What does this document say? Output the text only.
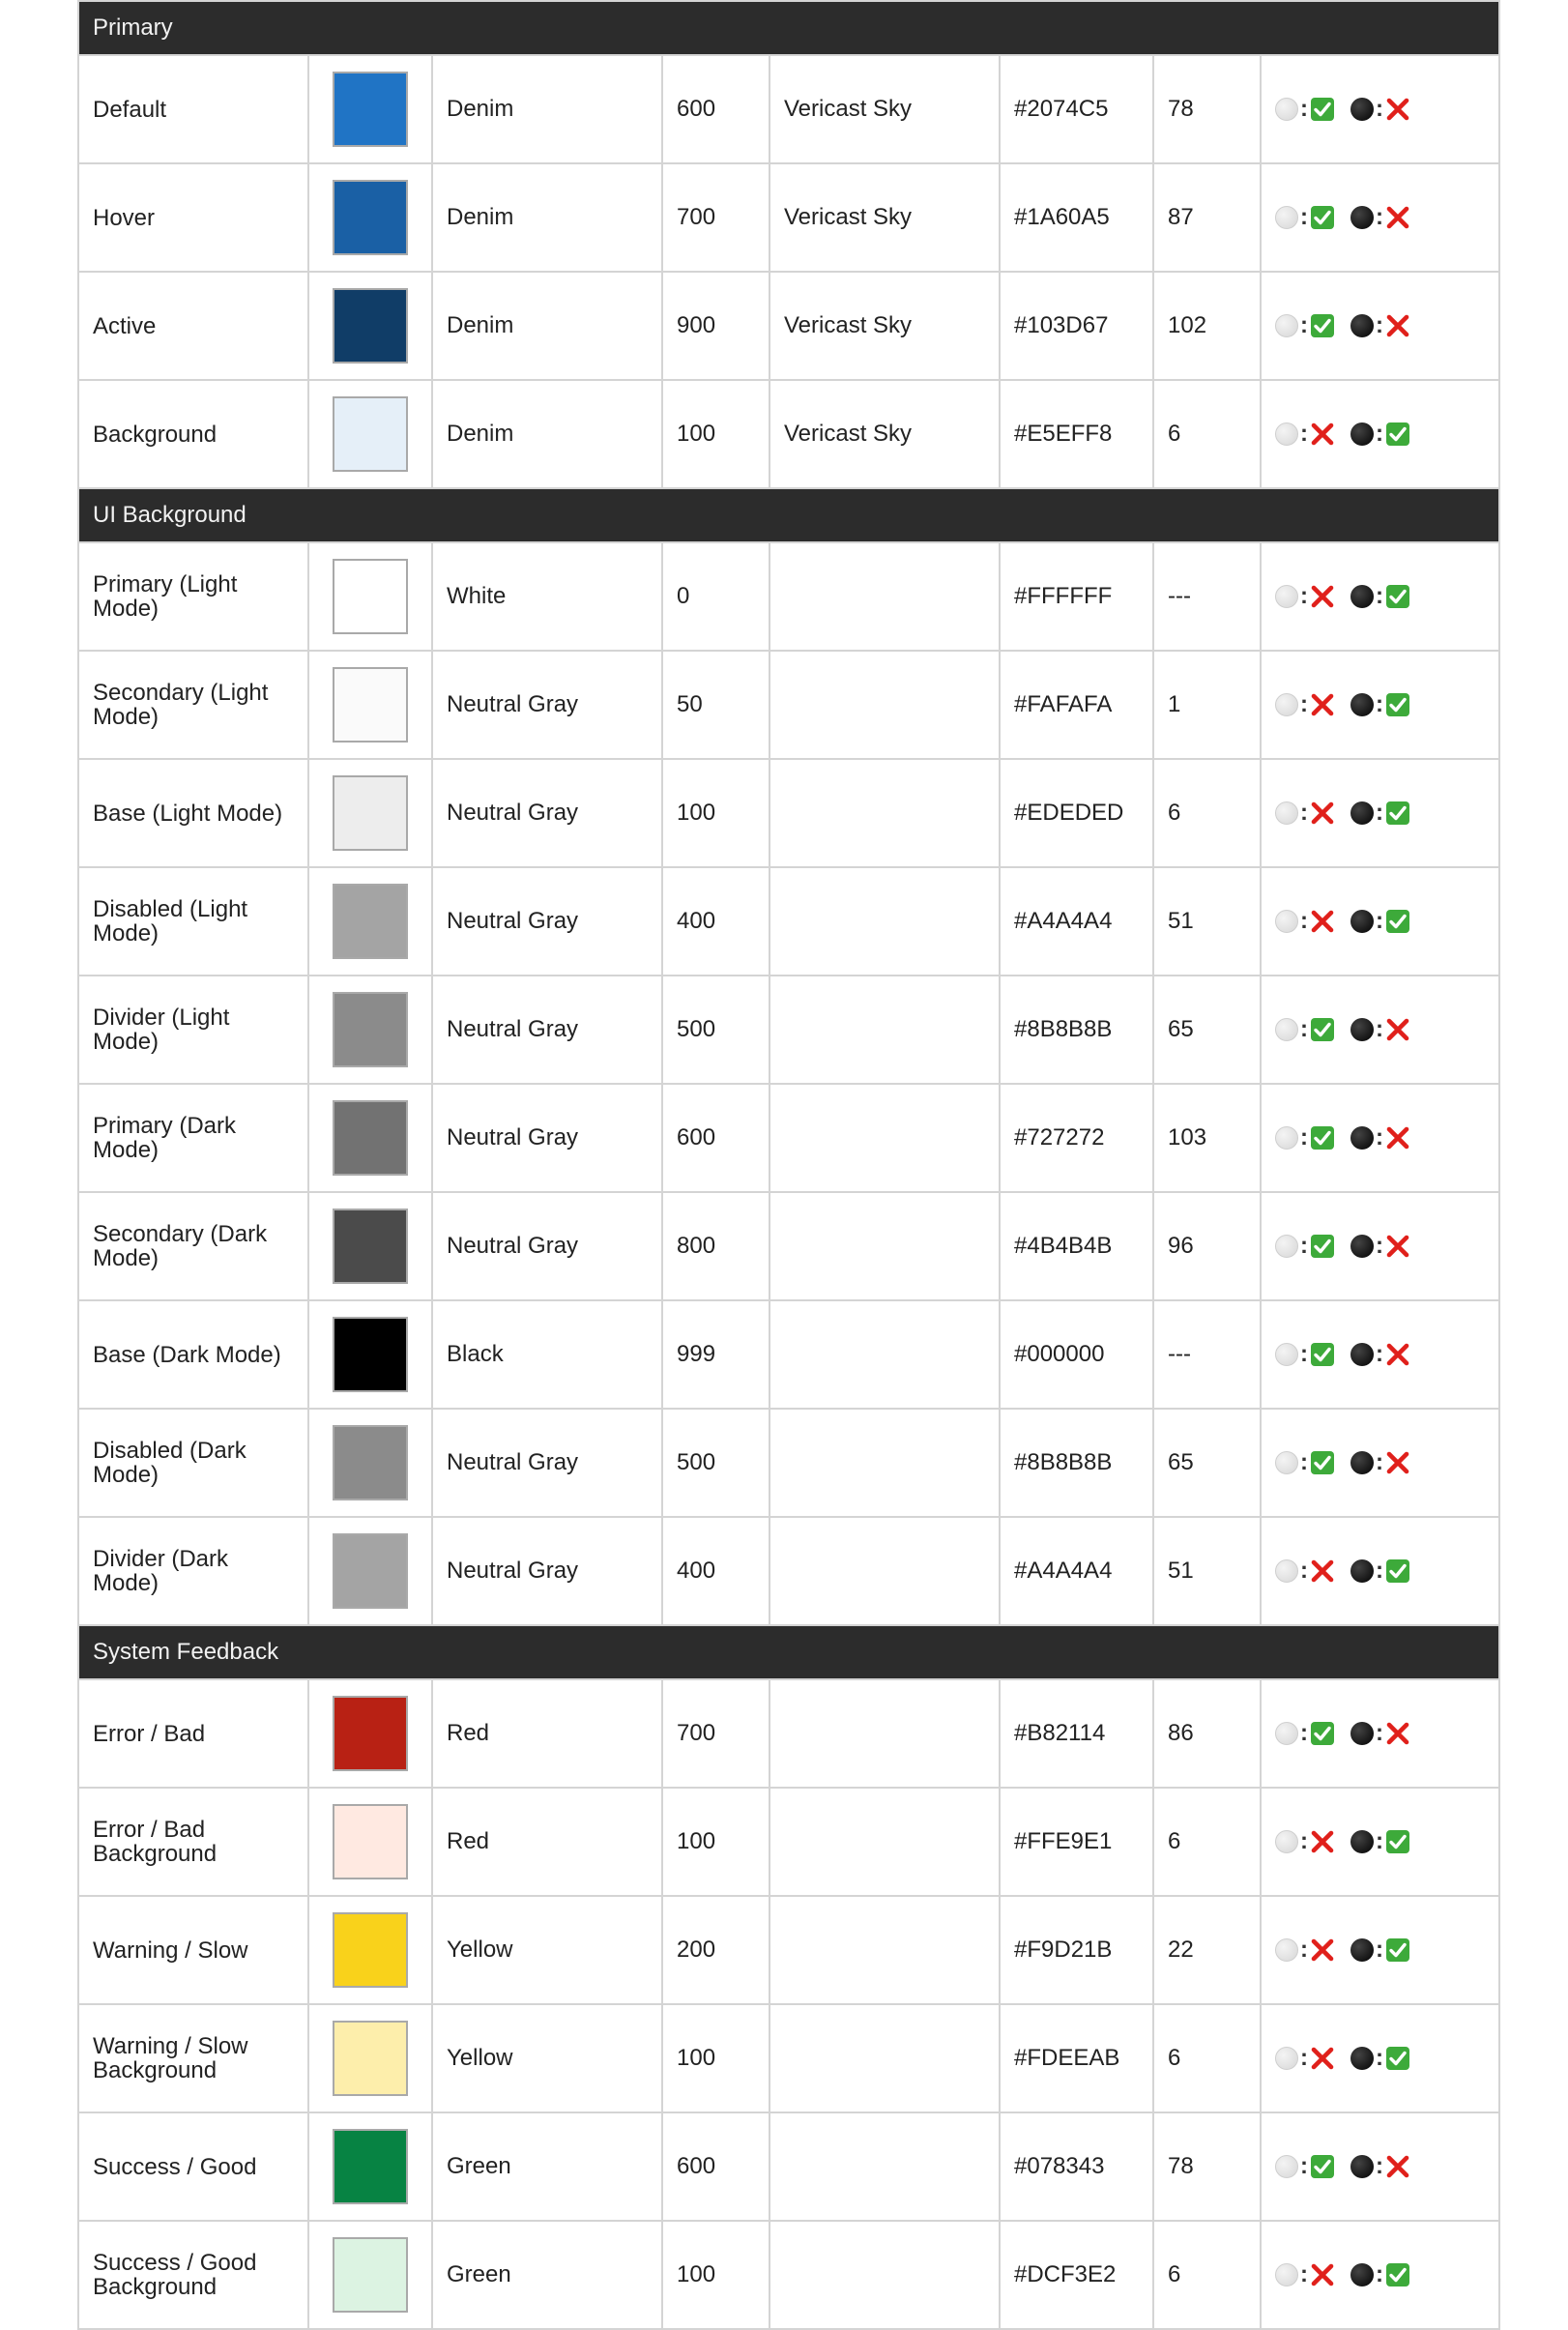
Primary							
Default		Denim	600	Vericast Sky	#2074C5	78	: :
Hover		Denim	700	Vericast Sky	#1A60A5	87	: :
Active		Denim	900	Vericast Sky	#103D67	102	: :
Background		Denim	100	Vericast Sky	#E5EFF8	6	: :
UI Background							
Primary (Light Mode)		White	0		#FFFFFF	---	: :
Secondary (Light Mode)		Neutral Gray	50		#FAFAFA	1	: :
Base (Light Mode)		Neutral Gray	100		#EDEDED	6	: :
Disabled (Light Mode)		Neutral Gray	400		#A4A4A4	51	: :
Divider (Light Mode)		Neutral Gray	500		#8B8B8B	65	: :
Primary (Dark Mode)		Neutral Gray	600		#727272	103	: :
Secondary (Dark Mode)		Neutral Gray	800		#4B4B4B	96	: :
Base (Dark Mode)		Black	999		#000000	---	: :
Disabled (Dark Mode)		Neutral Gray	500		#8B8B8B	65	: :
Divider (Dark Mode)		Neutral Gray	400		#A4A4A4	51	: :
System Feedback							
Error / Bad		Red	700		#B82114	86	: :
Error / Bad Background		Red	100		#FFE9E1	6	: :
Warning / Slow		Yellow	200		#F9D21B	22	: :
Warning / Slow Background		Yellow	100		#FDEEAB	6	: :
Success / Good		Green	600		#078343	78	: :
Success / Good Background		Green	100		#DCF3E2	6	: :
